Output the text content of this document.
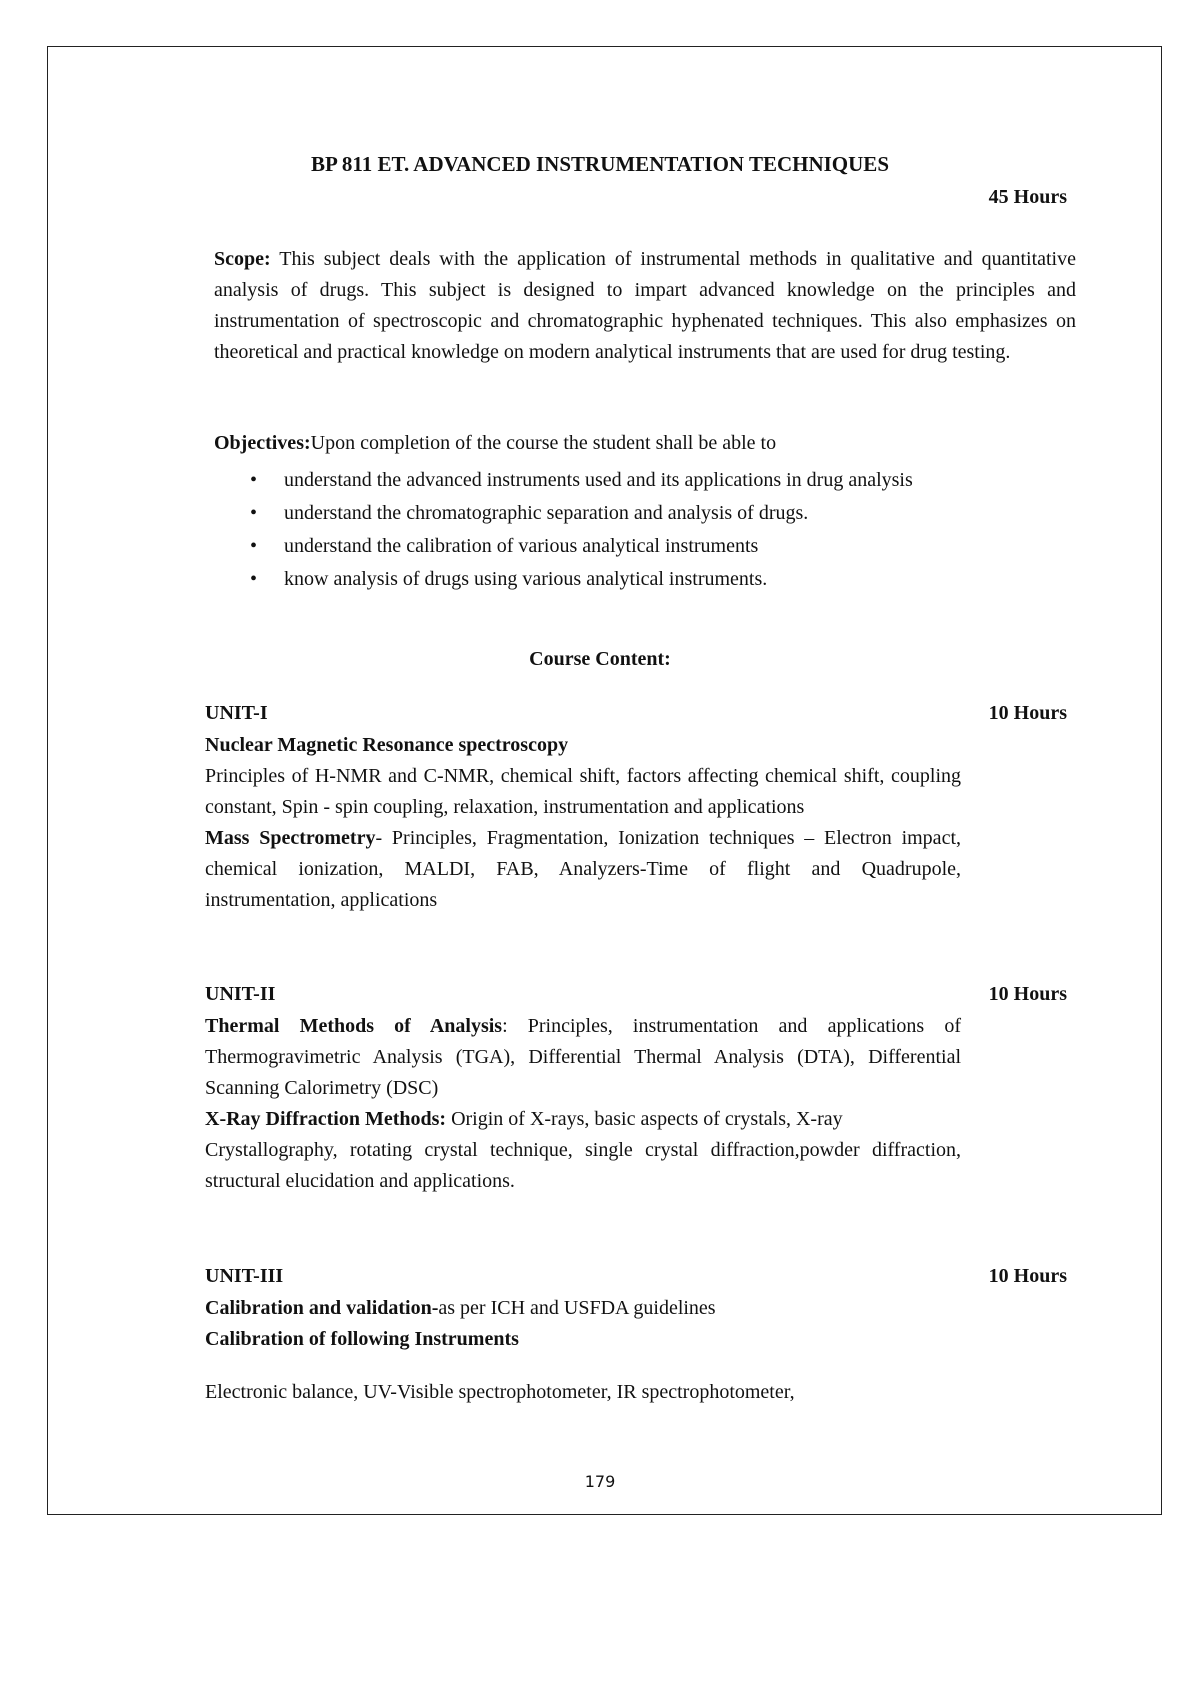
BP 811 ET. ADVANCED INSTRUMENTATION TECHNIQUES
45 Hours
Scope: This subject deals with the application of instrumental methods in qualitative and quantitative analysis of drugs. This subject is designed to impart advanced knowledge on the principles and instrumentation of spectroscopic and chromatographic hyphenated techniques. This also emphasizes on theoretical and practical knowledge on modern analytical instruments that are used for drug testing.
Objectives:Upon completion of the course the student shall be able to
• understand the advanced instruments used and its applications in drug analysis
• understand the chromatographic separation and analysis of drugs.
• understand the calibration of various analytical instruments
• know analysis of drugs using various analytical instruments.
Course Content:
UNIT-I	10 Hours

Nuclear Magnetic Resonance spectroscopy

Principles of H-NMR and C-NMR, chemical shift, factors affecting chemical shift, coupling constant, Spin - spin coupling, relaxation, instrumentation and applications

Mass Spectrometry- Principles, Fragmentation, Ionization techniques – Electron impact, chemical ionization, MALDI, FAB, Analyzers-Time of flight and Quadrupole, instrumentation, applications

UNIT-II	10 Hours

Thermal Methods of Analysis: Principles, instrumentation and applications of Thermogravimetric Analysis (TGA), Differential Thermal Analysis (DTA), Differential Scanning Calorimetry (DSC)

X-Ray Diffraction Methods: Origin of X-rays, basic aspects of crystals, X-ray

Crystallography, rotating crystal technique, single crystal diffraction,powder diffraction, structural elucidation and applications.

UNIT-III	10 Hours

Calibration and validation-as per ICH and USFDA guidelines

Calibration of following Instruments

Electronic balance, UV-Visible spectrophotometer, IR spectrophotometer,

179
